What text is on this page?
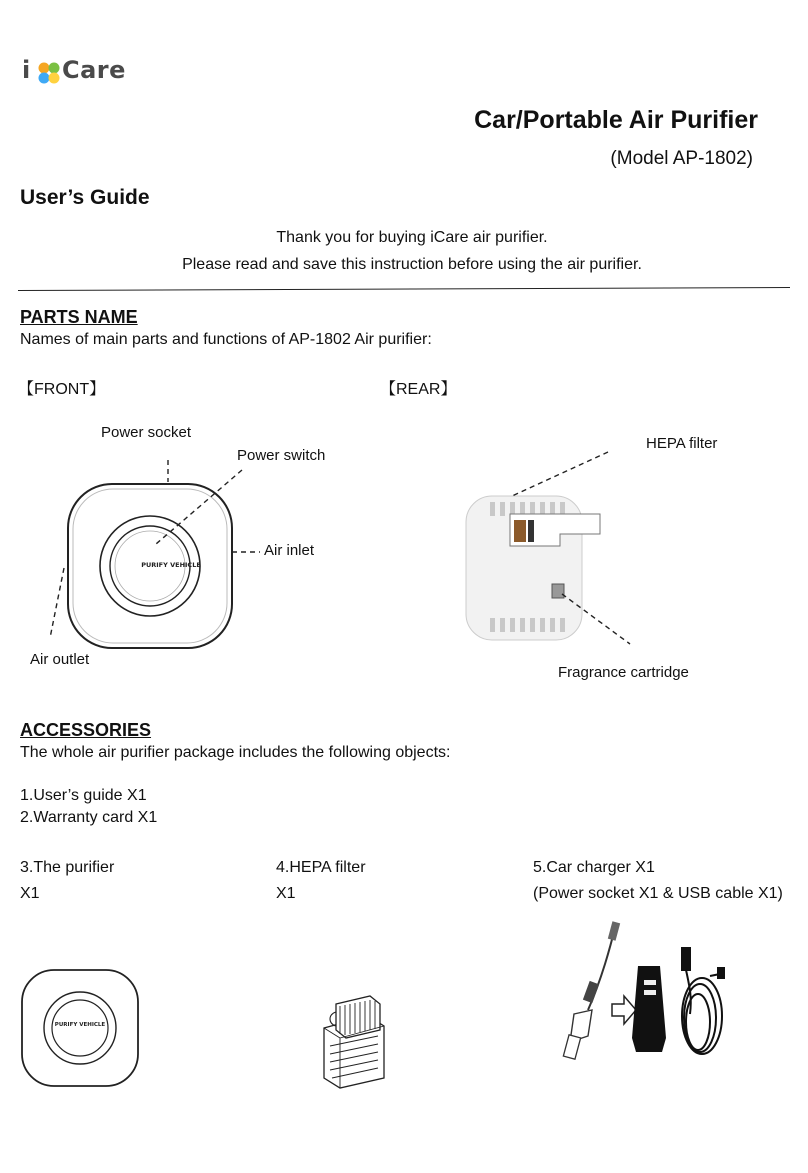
i Care
Car/Portable Air Purifier
(Model AP-1802)
User’s Guide
Thank you for buying iCare air purifier.
Please read and save this instruction before using the air purifier.
PARTS NAME
Names of main parts and functions of AP-1802 Air purifier:
【FRONT】	【REAR】
PURIFY VEHICLE
Power socket
Power switch
Air inlet
Air outlet
HEPA filter
Fragrance cartridge
ACCESSORIES
The whole air purifier package includes the following objects:
1.User’s guide X1
2.Warranty card X1
3.The purifier
X1
4.HEPA filter
X1
5.Car charger X1
(Power socket X1 & USB cable X1)
PURIFY VEHICLE
